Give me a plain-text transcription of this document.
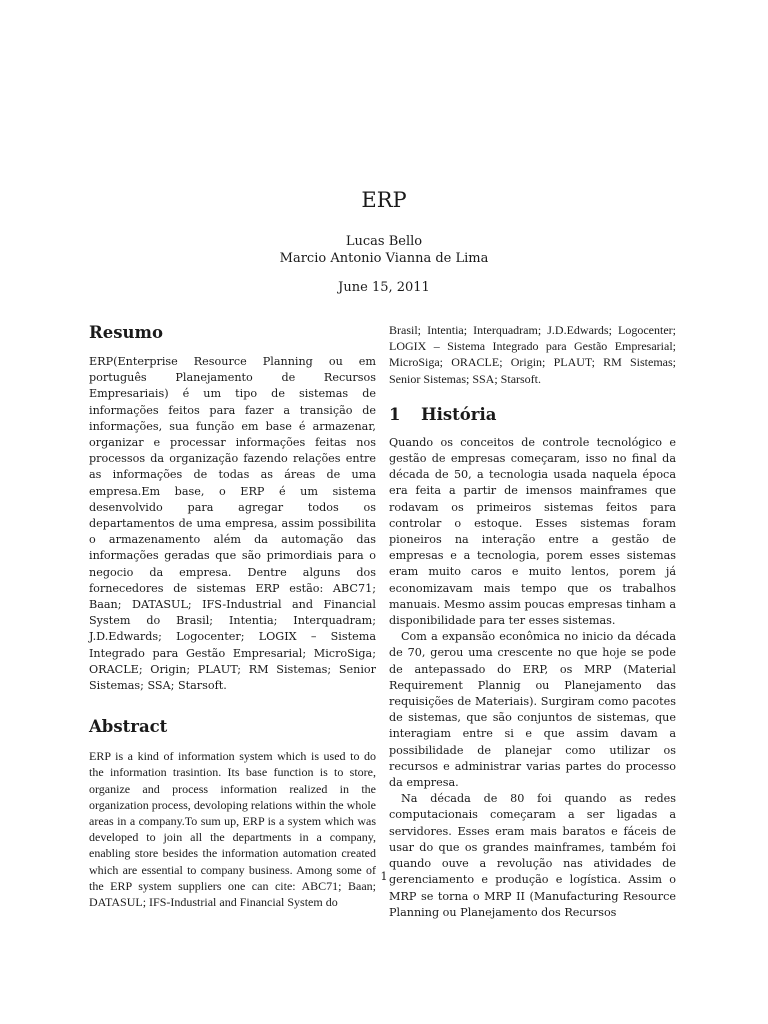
ERP
Lucas Bello
Marcio Antonio Vianna de Lima
June 15, 2011
Resumo

ERP(Enterprise Resource Planning ou em português Planejamento de Recursos Empresariais) é um tipo de sistemas de informações feitos para fazer a transição de informações, sua função em base é armazenar, organizar e processar informações feitas nos processos da organização fazendo relações entre as informações de todas as áreas de uma empresa.Em base, o ERP é um sistema desenvolvido para agregar todos os departamentos de uma empresa, assim possibilita o armazenamento além da automação das informações geradas que são primordiais para o negocio da empresa. Dentre alguns dos fornecedores de sistemas ERP estão: ABC71; Baan; DATASUL; IFS-Industrial and Financial System do Brasil; Intentia; Interquadram; J.D.Edwards; Logocenter; LOGIX – Sistema Integrado para Gestão Empresarial; MicroSiga; ORACLE; Origin; PLAUT; RM Sistemas; Senior Sistemas; SSA; Starsoft.

Abstract

ERP is a kind of information system which is used to do the information trasintion. Its base function is to store, organize and process information realized in the organization process, devoloping relations within the whole areas in a company.To sum up, ERP is a system which was developed to join all the departments in a company, enabling store besides the information automation created which are essential to company business. Among some of the ERP system suppliers one can cite: ABC71; Baan; DATASUL; IFS-Industrial and Financial System do

Brasil; Intentia; Interquadram; J.D.Edwards; Logocenter; LOGIX – Sistema Integrado para Gestão Empresarial; MicroSiga; ORACLE; Origin; PLAUT; RM Sistemas; Senior Sistemas; SSA; Starsoft.

1 História

Quando os conceitos de controle tecnológico e gestão de empresas começaram, isso no final da década de 50, a tecnologia usada naquela época era feita a partir de imensos mainframes que rodavam os primeiros sistemas feitos para controlar o estoque. Esses sistemas foram pioneiros na interação entre a gestão de empresas e a tecnologia, porem esses sistemas eram muito caros e muito lentos, porem já economizavam mais tempo que os trabalhos manuais. Mesmo assim poucas empresas tinham a disponibilidade para ter esses sistemas.

Com a expansão econômica no inicio da década de 70, gerou uma crescente no que hoje se pode de antepassado do ERP, os MRP (Material Requirement Plannig ou Planejamento das requisições de Materiais). Surgiram como pacotes de sistemas, que são conjuntos de sistemas, que interagiam entre si e que assim davam a possibilidade de planejar como utilizar os recursos e administrar varias partes do processo da empresa.

Na década de 80 foi quando as redes computacionais começaram a ser ligadas a servidores. Esses eram mais baratos e fáceis de usar do que os grandes mainframes, também foi quando ouve a revolução nas atividades de gerenciamento e produção e logística. Assim o MRP se torna o MRP II (Manufacturing Resource Planning ou Planejamento dos Recursos

1
